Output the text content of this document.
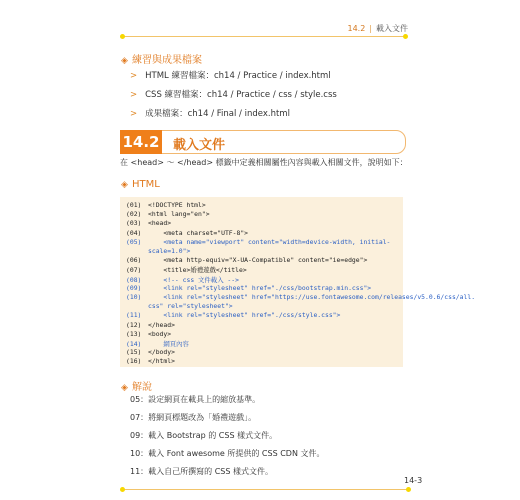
14.2 | 載入文件
◈ 練習與成果檔案
> HTML 練習檔案：ch14 / Practice / index.html
> CSS 練習檔案：ch14 / Practice / css / style.css
> 成果檔案：ch14 / Final / index.html
14.2 載入文件
在 <head> ～ </head> 標籤中定義相關屬性內容與載入相關文件，說明如下：
◈ HTML
(01) <!DOCTYPE html>
(02) <html lang="en">
(03) <head>
(04)    <meta charset="UTF-8">
(05)    <meta name="viewport" content="width=device-width, initial-
scale=1.0">
(06)    <meta http-equiv="X-UA-Compatible" content="ie=edge">
(07)    <title>婚禮遊戲</title>
(08)    <!-- css 文件載入 -->
(09)    <link rel="stylesheet" href="./css/bootstrap.min.css">
(10)    <link rel="stylesheet" href="https://use.fontawesome.com/releases/v5.0.6/css/all.
css" rel="stylesheet">
(11)    <link rel="stylesheet" href="./css/style.css">
(12) </head>
(13) <body>
(14)    網頁內容
(15) </body>
(16) </html>
◈ 解說
05：設定網頁在載具上的縮放基準。
07：將網頁標題改為「婚禮遊戲」。
09：載入 Bootstrap 的 CSS 樣式文件。
10：載入 Font awesome 所提供的 CSS CDN 文件。
11：載入自己所撰寫的 CSS 樣式文件。
14-3
